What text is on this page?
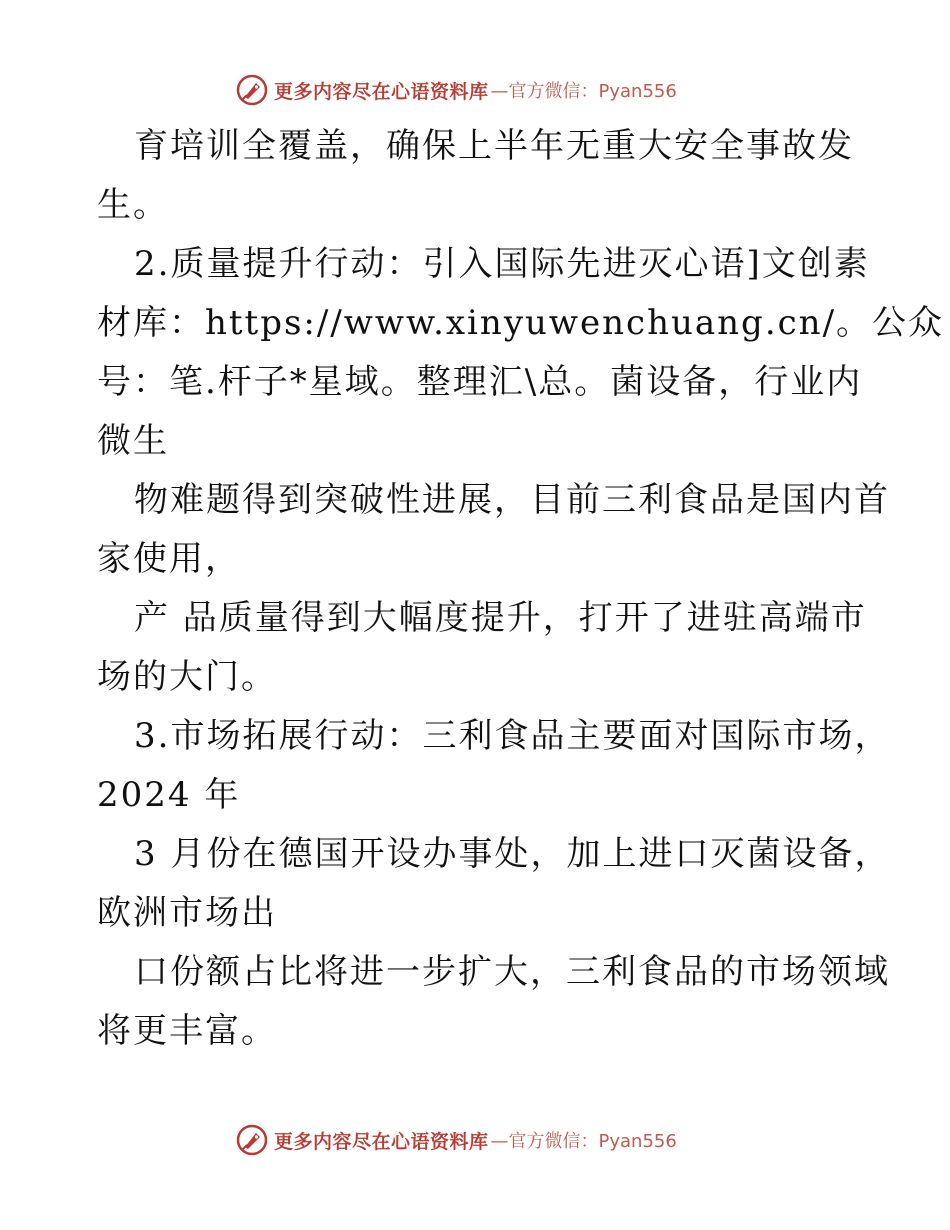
更多内容尽在心语资料库 —官方微信：Pyan556
育培训全覆盖，确保上半年无重大安全事故发
生。
2.质量提升行动：引入国际先进灭心语]文创素
材库：https://www.xinyuwenchuang.cn/。公众
号：笔.杆子*星域。整理汇\总。菌设备，行业内
微生
物难题得到突破性进展，目前三利食品是国内首
家使用，
产 品质量得到大幅度提升，打开了进驻高端市
场的大门。
3.市场拓展行动：三利食品主要面对国际市场，
2024 年
3 月份在德国开设办事处，加上进口灭菌设备，
欧洲市场出
口份额占比将进一步扩大，三利食品的市场领域
将更丰富。
更多内容尽在心语资料库 —官方微信：Pyan556
